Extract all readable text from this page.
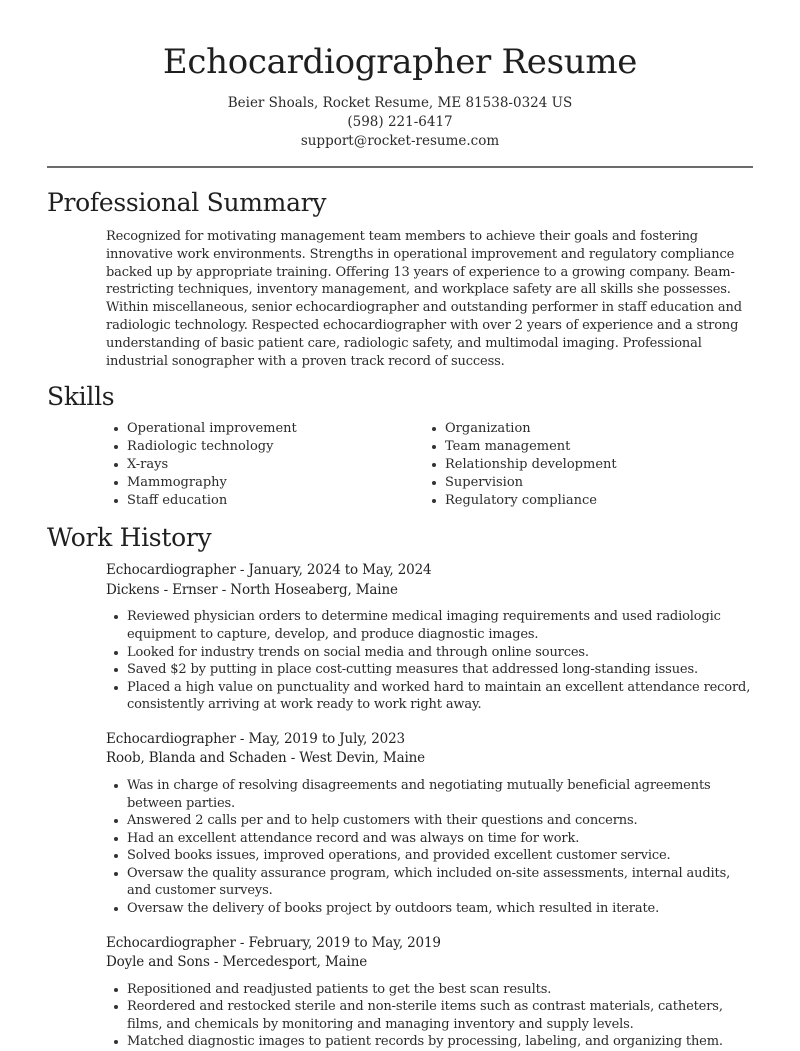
Echocardiographer Resume
Beier Shoals, Rocket Resume, ME 81538-0324 US
(598) 221-6417
support@rocket-resume.com
Professional Summary

Recognized for motivating management team members to achieve their goals and fostering innovative work environments. Strengths in operational improvement and regulatory compliance backed up by appropriate training. Offering 13 years of experience to a growing company. Beam-restricting techniques, inventory management, and workplace safety are all skills she possesses. Within miscellaneous, senior echocardiographer and outstanding performer in staff education and radiologic technology. Respected echocardiographer with over 2 years of experience and a strong understanding of basic patient care, radiologic safety, and multimodal imaging. Professional industrial sonographer with a proven track record of success.

Skills
Operational improvement
Radiologic technology
X-rays
Mammography
Staff education
Organization
Team management
Relationship development
Supervision
Regulatory compliance
Work History
Echocardiographer - January, 2024 to May, 2024
Dickens - Ernser - North Hoseaberg, Maine
Reviewed physician orders to determine medical imaging requirements and used radiologic equipment to capture, develop, and produce diagnostic images.
Looked for industry trends on social media and through online sources.
Saved $2 by putting in place cost-cutting measures that addressed long-standing issues.
Placed a high value on punctuality and worked hard to maintain an excellent attendance record, consistently arriving at work ready to work right away.
Echocardiographer - May, 2019 to July, 2023
Roob, Blanda and Schaden - West Devin, Maine
Was in charge of resolving disagreements and negotiating mutually beneficial agreements between parties.
Answered 2 calls per and to help customers with their questions and concerns.
Had an excellent attendance record and was always on time for work.
Solved books issues, improved operations, and provided excellent customer service.
Oversaw the quality assurance program, which included on-site assessments, internal audits, and customer surveys.
Oversaw the delivery of books project by outdoors team, which resulted in iterate.
Echocardiographer - February, 2019 to May, 2019
Doyle and Sons - Mercedesport, Maine
Repositioned and readjusted patients to get the best scan results.
Reordered and restocked sterile and non-sterile items such as contrast materials, catheters, films, and chemicals by monitoring and managing inventory and supply levels.
Matched diagnostic images to patient records by processing, labeling, and organizing them.
